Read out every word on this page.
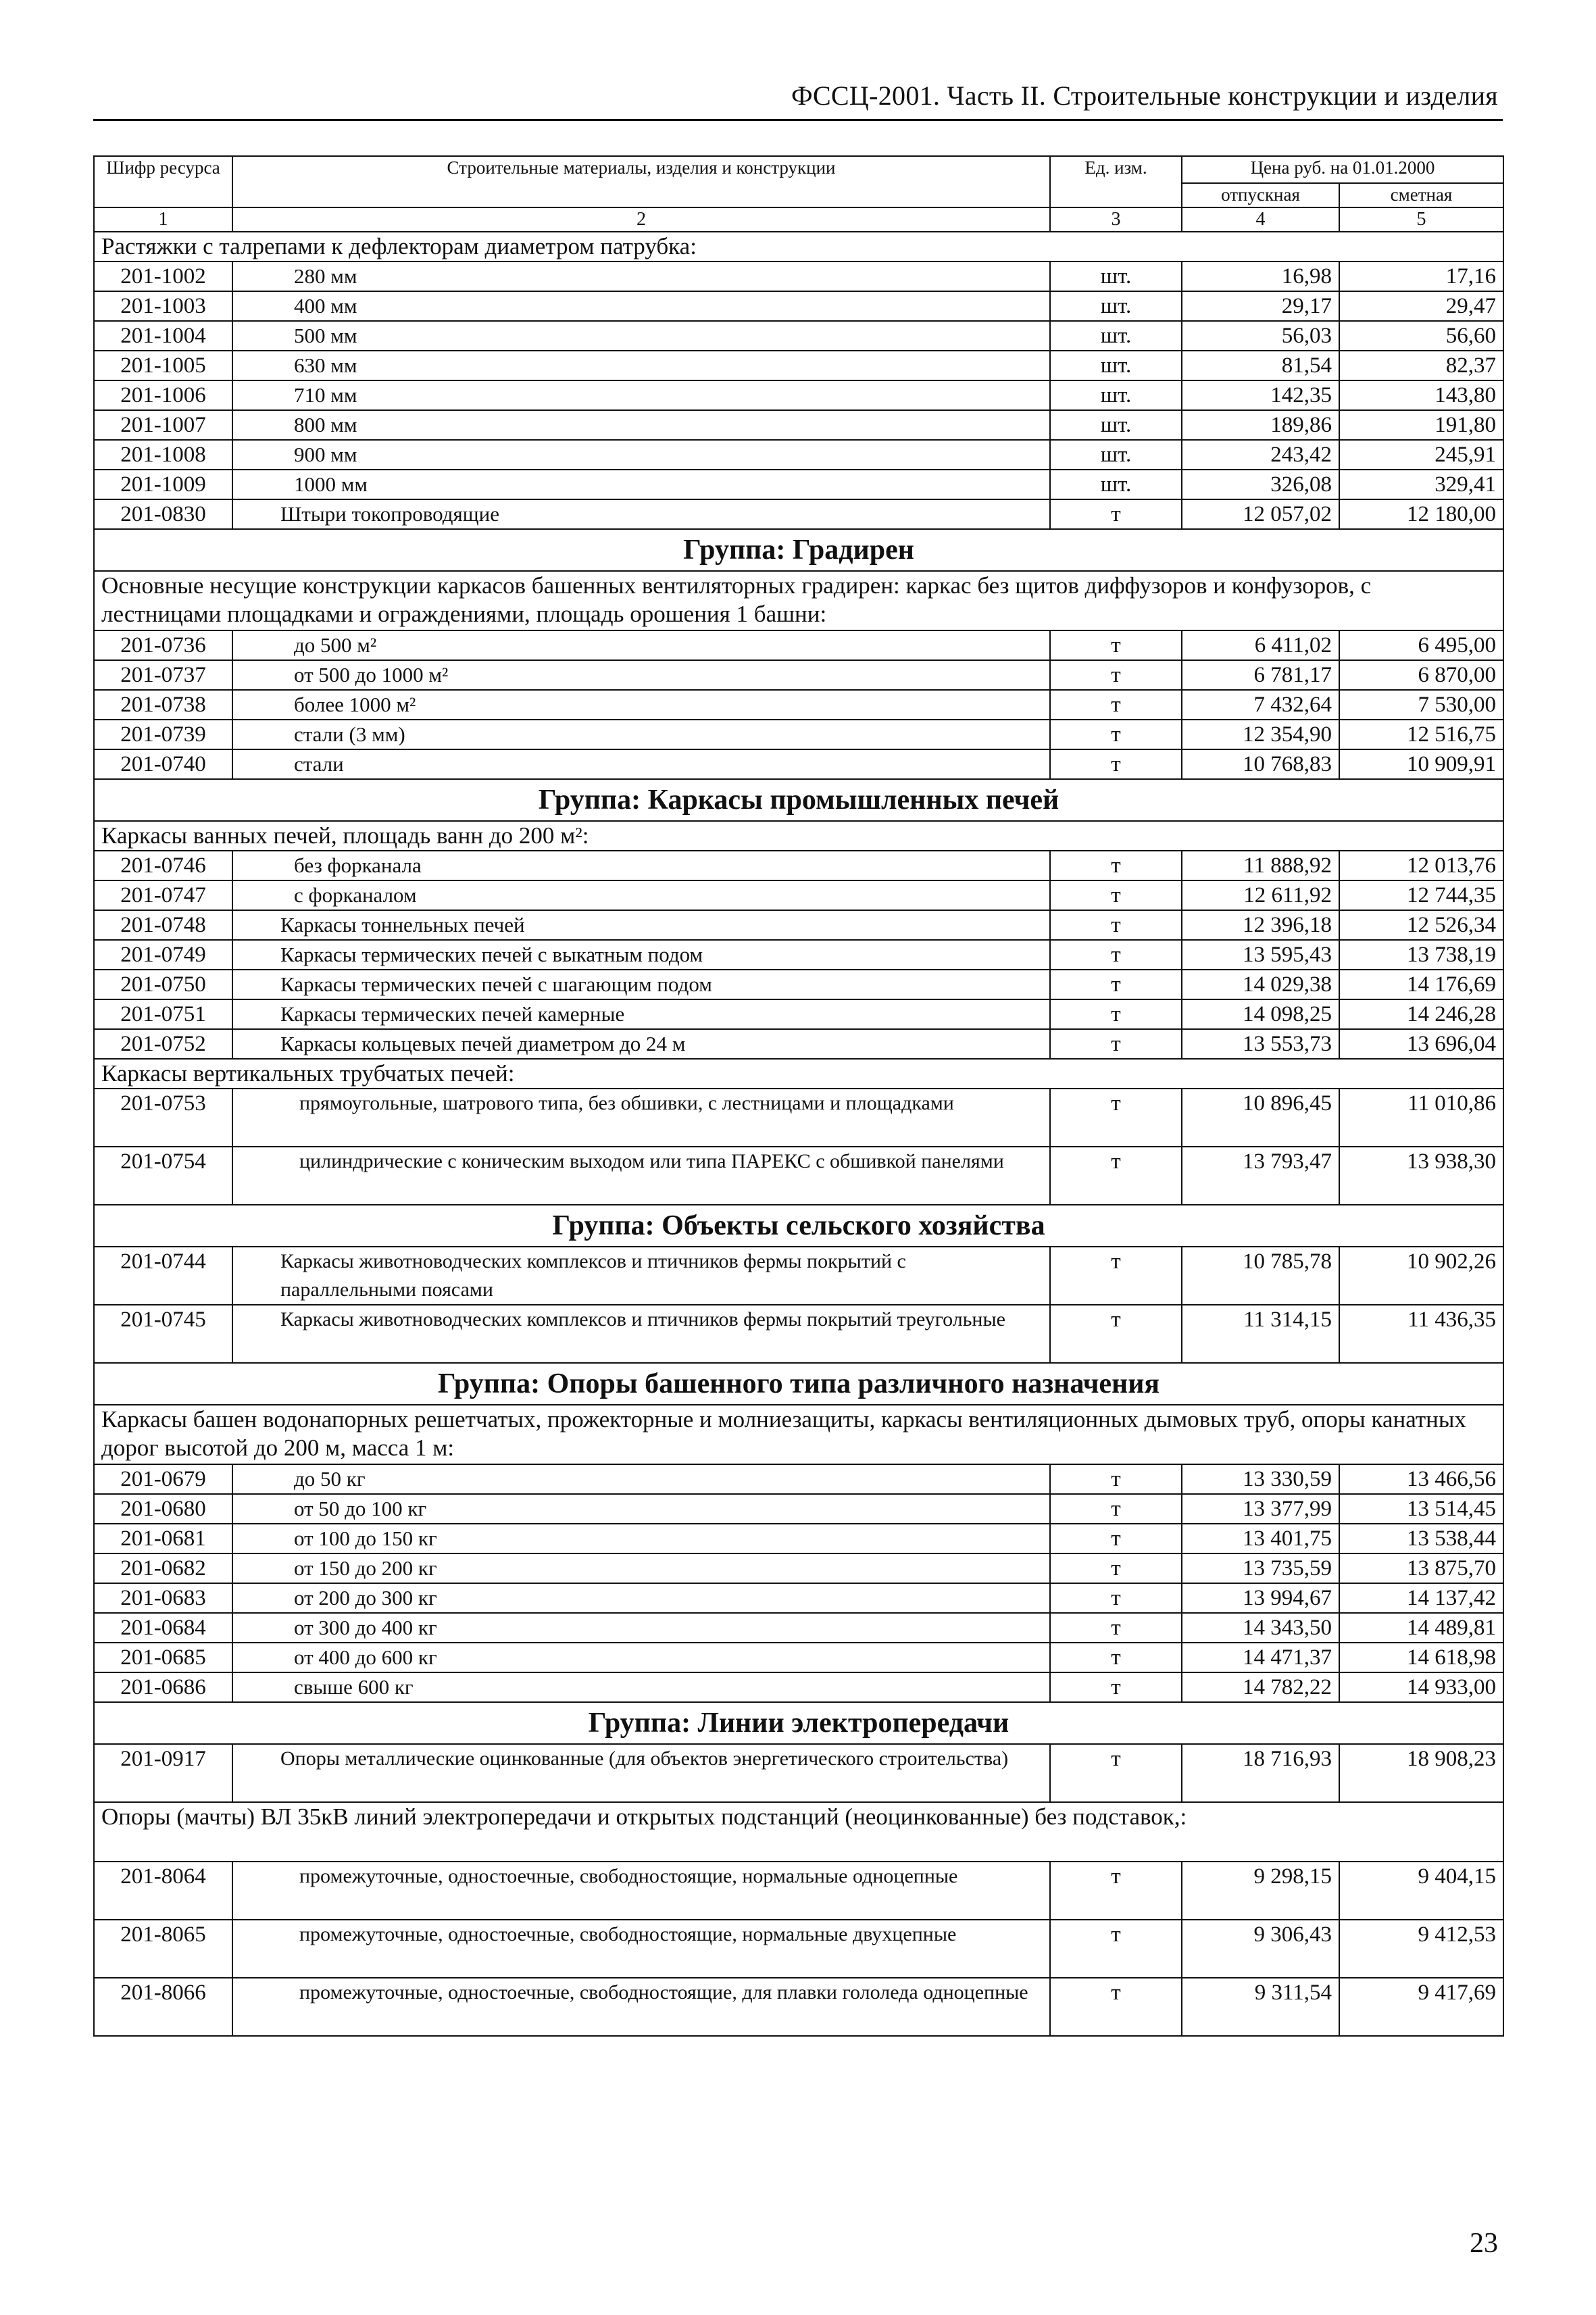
ФССЦ-2001. Часть II. Строительные конструкции и изделия
Шифр ресурса	Строительные материалы, изделия и конструкции	Ед. изм.	Цена руб. на 01.01.2000	
			отпускная	сметная
1	2	3	4	5
Растяжки с талрепами к дефлекторам диаметром патрубка:				
201-1002	280 мм	шт.	16,98	17,16
201-1003	400 мм	шт.	29,17	29,47
201-1004	500 мм	шт.	56,03	56,60
201-1005	630 мм	шт.	81,54	82,37
201-1006	710 мм	шт.	142,35	143,80
201-1007	800 мм	шт.	189,86	191,80
201-1008	900 мм	шт.	243,42	245,91
201-1009	1000 мм	шт.	326,08	329,41
201-0830	Штыри токопроводящие	т	12 057,02	12 180,00
Группа: Градирен				
Основные несущие конструкции каркасов башенных вентиляторных градирен: каркас без щитов диффузоров и конфузоров, с лестницами площадками и ограждениями, площадь орошения 1 башни:				
201-0736	до 500 м²	т	6 411,02	6 495,00
201-0737	от 500 до 1000 м²	т	6 781,17	6 870,00
201-0738	более 1000 м²	т	7 432,64	7 530,00
201-0739	стали (3 мм)	т	12 354,90	12 516,75
201-0740	стали	т	10 768,83	10 909,91
Группа: Каркасы промышленных печей				
Каркасы ванных печей, площадь ванн до 200 м²:				
201-0746	без форканала	т	11 888,92	12 013,76
201-0747	с форканалом	т	12 611,92	12 744,35
201-0748	Каркасы тоннельных печей	т	12 396,18	12 526,34
201-0749	Каркасы термических печей с выкатным подом	т	13 595,43	13 738,19
201-0750	Каркасы термических печей с шагающим подом	т	14 029,38	14 176,69
201-0751	Каркасы термических печей камерные	т	14 098,25	14 246,28
201-0752	Каркасы кольцевых печей диаметром до 24 м	т	13 553,73	13 696,04
Каркасы вертикальных трубчатых печей:				
201-0753	прямоугольные, шатрового типа, без обшивки, с лестницами и площадками	т	10 896,45	11 010,86
201-0754	цилиндрические с коническим выходом или типа ПАРЕКС с обшивкой панелями	т	13 793,47	13 938,30
Группа: Объекты сельского хозяйства				
201-0744	Каркасы животноводческих комплексов и птичников фермы покрытий с параллельными поясами	т	10 785,78	10 902,26
201-0745	Каркасы животноводческих комплексов и птичников фермы покрытий треугольные	т	11 314,15	11 436,35
Группа: Опоры башенного типа различного назначения				
Каркасы башен водонапорных решетчатых, прожекторные и молниезащиты, каркасы вентиляционных дымовых труб, опоры канатных дорог высотой до 200 м, масса 1 м:				
201-0679	до 50 кг	т	13 330,59	13 466,56
201-0680	от 50 до 100 кг	т	13 377,99	13 514,45
201-0681	от 100 до 150 кг	т	13 401,75	13 538,44
201-0682	от 150 до 200 кг	т	13 735,59	13 875,70
201-0683	от 200 до 300 кг	т	13 994,67	14 137,42
201-0684	от 300 до 400 кг	т	14 343,50	14 489,81
201-0685	от 400 до 600 кг	т	14 471,37	14 618,98
201-0686	свыше 600 кг	т	14 782,22	14 933,00
Группа: Линии электропередачи				
201-0917	Опоры металлические оцинкованные (для объектов энергетического строительства)	т	18 716,93	18 908,23
Опоры (мачты) ВЛ 35кВ линий электропередачи и открытых подстанций (неоцинкованные) без подставок,:				
201-8064	промежуточные, одностоечные, свободностоящие, нормальные одноцепные	т	9 298,15	9 404,15
201-8065	промежуточные, одностоечные, свободностоящие, нормальные двухцепные	т	9 306,43	9 412,53
201-8066	промежуточные, одностоечные, свободностоящие, для плавки гололеда одноцепные	т	9 311,54	9 417,69
23
